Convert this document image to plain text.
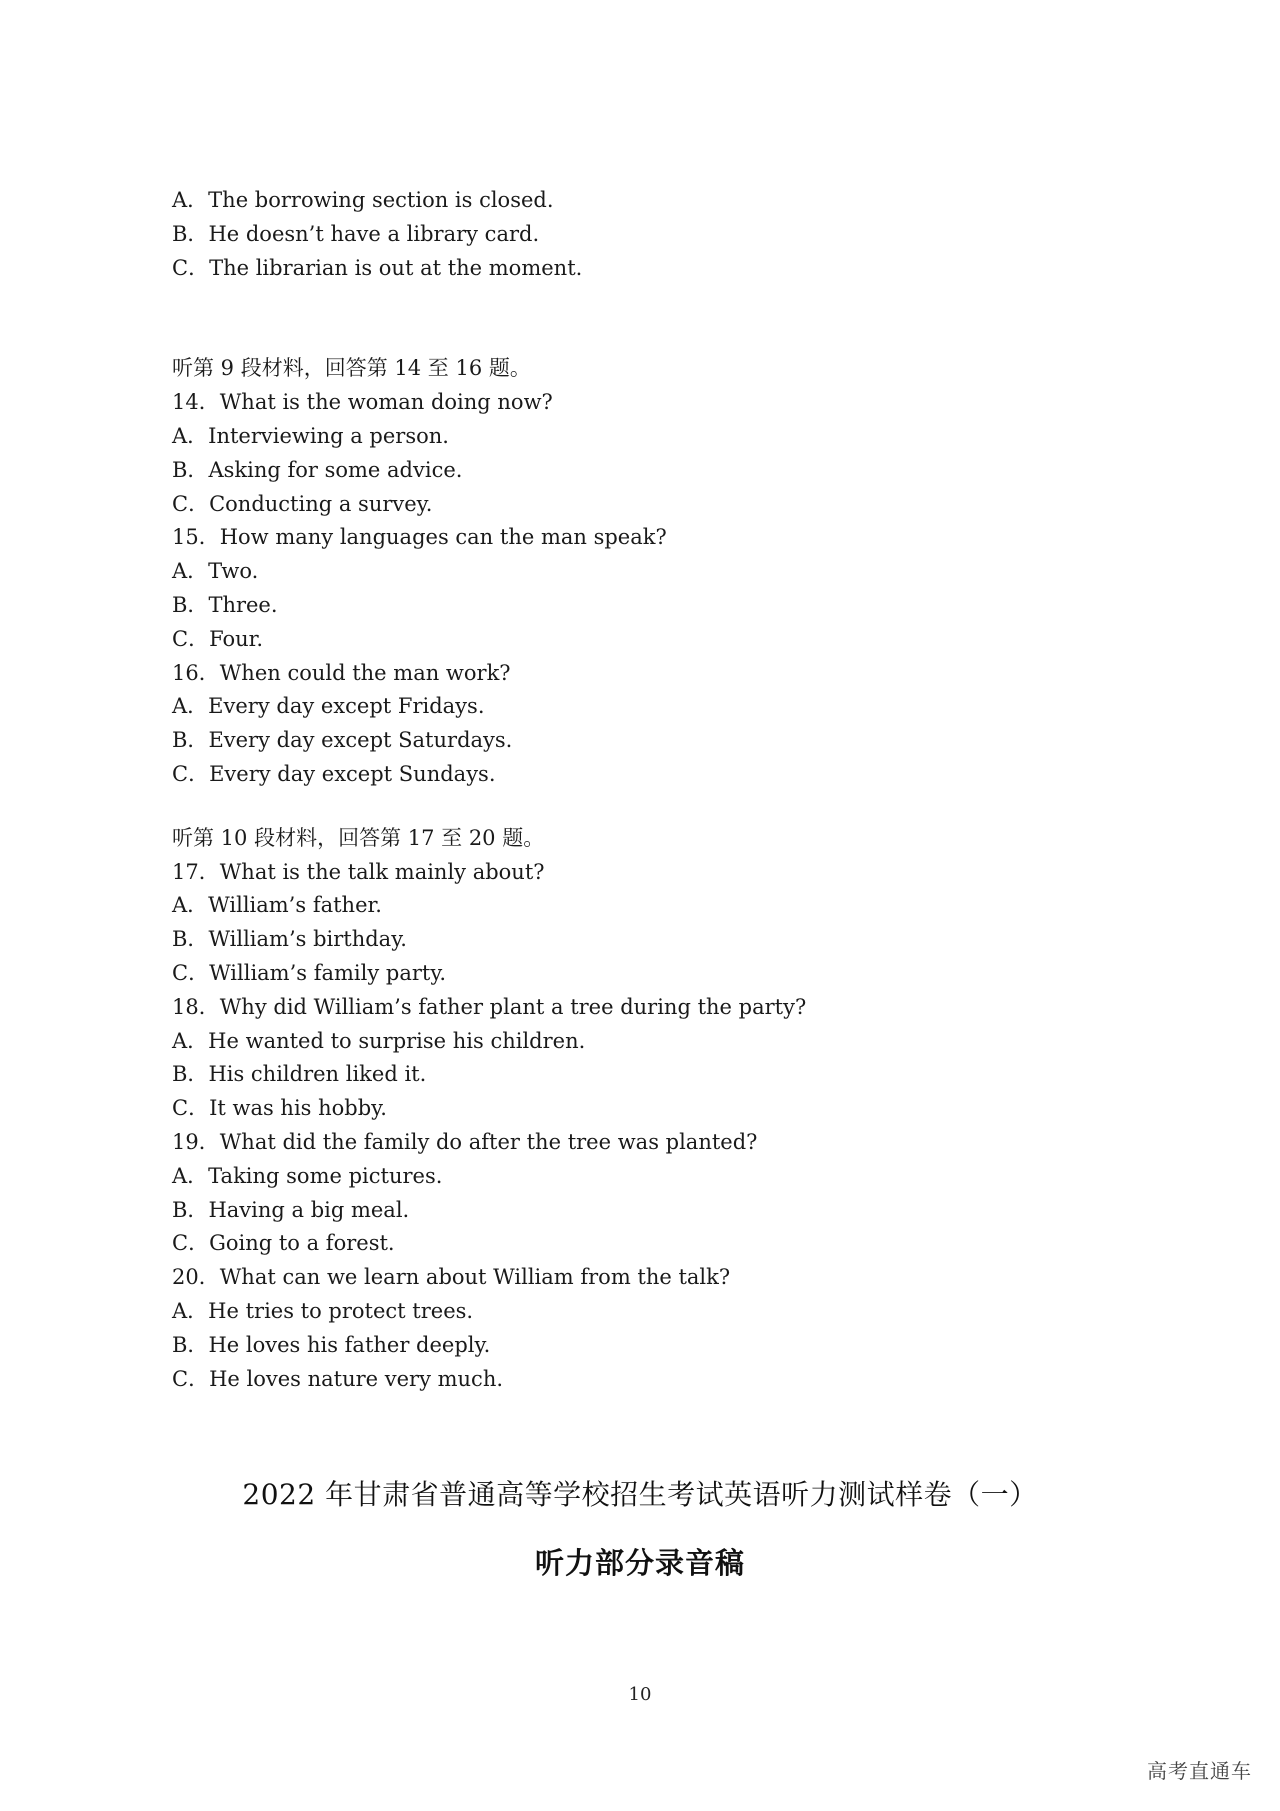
A．The borrowing section is closed.
B．He doesn’t have a library card.
C．The librarian is out at the moment.
听第 9 段材料，回答第 14 至 16 题。
14．What is the woman doing now?
A．Interviewing a person.
B．Asking for some advice.
C．Conducting a survey.
15．How many languages can the man speak?
A．Two.
B．Three.
C．Four.
16．When could the man work?
A．Every day except Fridays.
B．Every day except Saturdays.
C．Every day except Sundays.
听第 10 段材料，回答第 17 至 20 题。
17．What is the talk mainly about?
A．William’s father.
B．William’s birthday.
C．William’s family party.
18．Why did William’s father plant a tree during the party?
A．He wanted to surprise his children.
B．His children liked it.
C．It was his hobby.
19．What did the family do after the tree was planted?
A．Taking some pictures.
B．Having a big meal.
C．Going to a forest.
20．What can we learn about William from the talk?
A．He tries to protect trees.
B．He loves his father deeply.
C．He loves nature very much.
2022 年甘肃省普通高等学校招生考试英语听力测试样卷（一）
听力部分录音稿
10
高考直通车
